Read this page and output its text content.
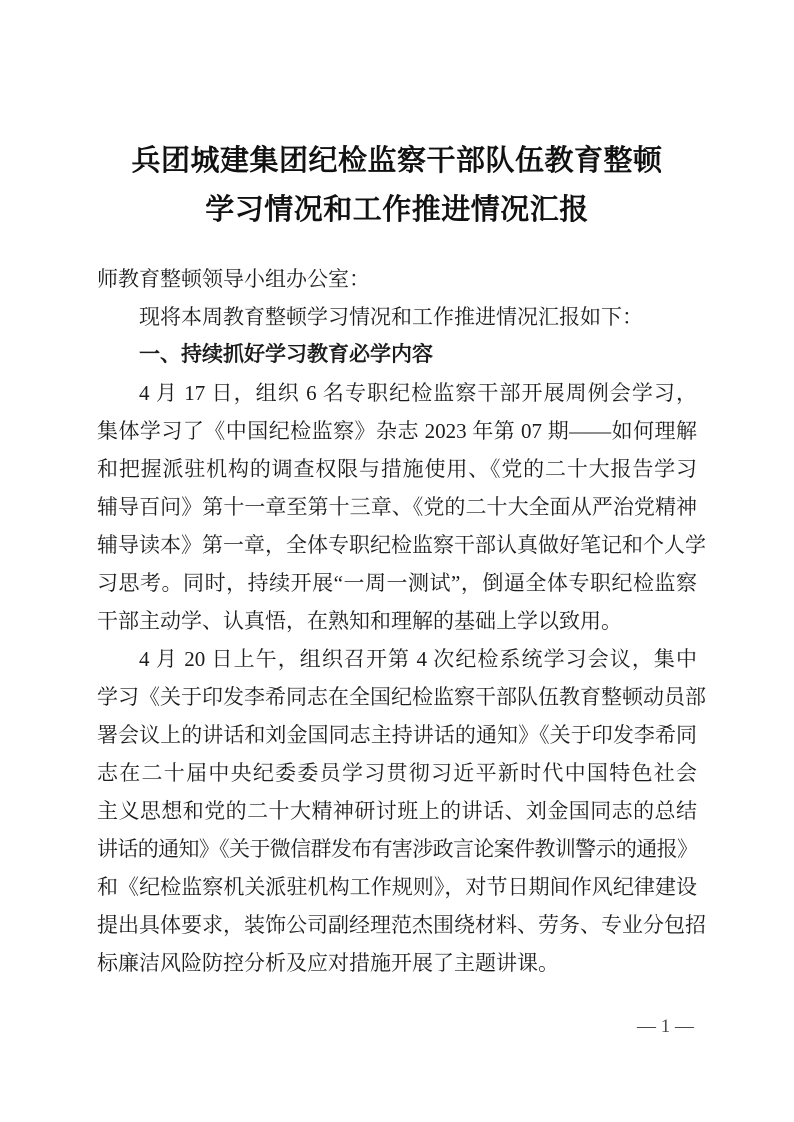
兵团城建集团纪检监察干部队伍教育整顿
学习情况和工作推进情况汇报
师教育整顿领导小组办公室：
现将本周教育整顿学习情况和工作推进情况汇报如下：
一、持续抓好学习教育必学内容
4 月 17 日，组织 6 名专职纪检监察干部开展周例会学习，
集体学习了《中国纪检监察》杂志 2023 年第 07 期——如何理解
和把握派驻机构的调查权限与措施使用、《党的二十大报告学习
辅导百问》第十一章至第十三章、《党的二十大全面从严治党精神
辅导读本》第一章，全体专职纪检监察干部认真做好笔记和个人学
习思考。同时，持续开展“一周一测试”，倒逼全体专职纪检监察
干部主动学、认真悟，在熟知和理解的基础上学以致用。
4 月 20 日上午，组织召开第 4 次纪检系统学习会议，集中
学习《关于印发李希同志在全国纪检监察干部队伍教育整顿动员部
署会议上的讲话和刘金国同志主持讲话的通知》《关于印发李希同
志在二十届中央纪委委员学习贯彻习近平新时代中国特色社会
主义思想和党的二十大精神研讨班上的讲话、刘金国同志的总结
讲话的通知》《关于微信群发布有害涉政言论案件教训警示的通报》
和《纪检监察机关派驻机构工作规则》，对节日期间作风纪律建设
提出具体要求，装饰公司副经理范杰围绕材料、劳务、专业分包招
标廉洁风险防控分析及应对措施开展了主题讲课。
— 1 —
